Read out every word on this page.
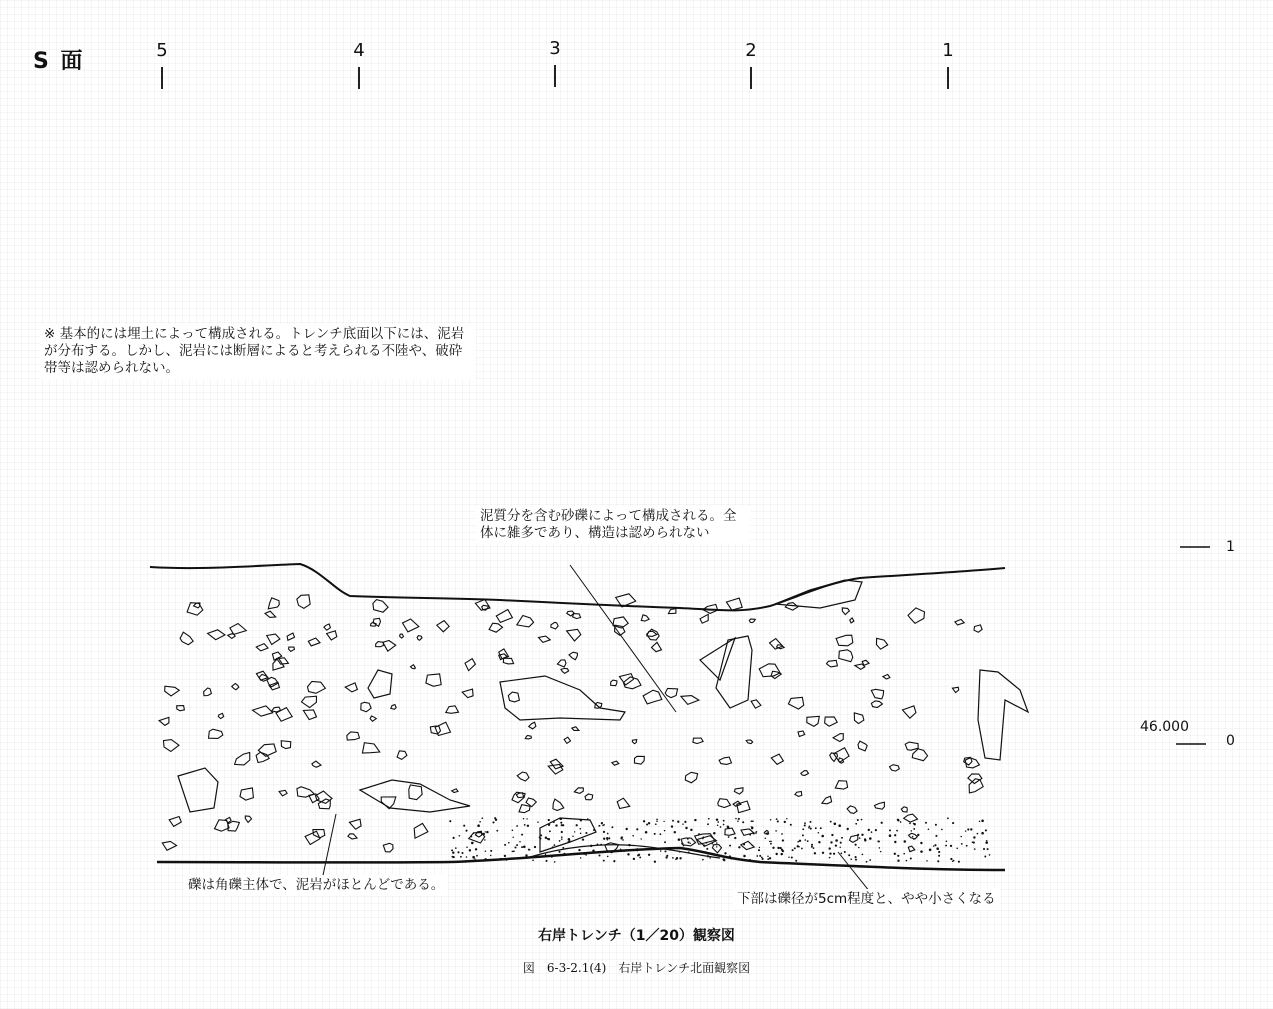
S 面	5	4	3	2	1
※ 基本的には埋土によって構成される。トレンチ底面以下には、泥岩が分布する。しかし、泥岩には断層によると考えられる不陸や、破砕帯等は認められない。
泥質分を含む砂礫によって構成される。全体に雑多であり、構造は認められない
礫は角礫主体で、泥岩がほとんどである。
下部は礫径が5cm程度と、やや小さくなる
1
46.000
0
右岸トレンチ（1／20）観察図
図　6-3-2.1(4)　右岸トレンチ北面観察図
